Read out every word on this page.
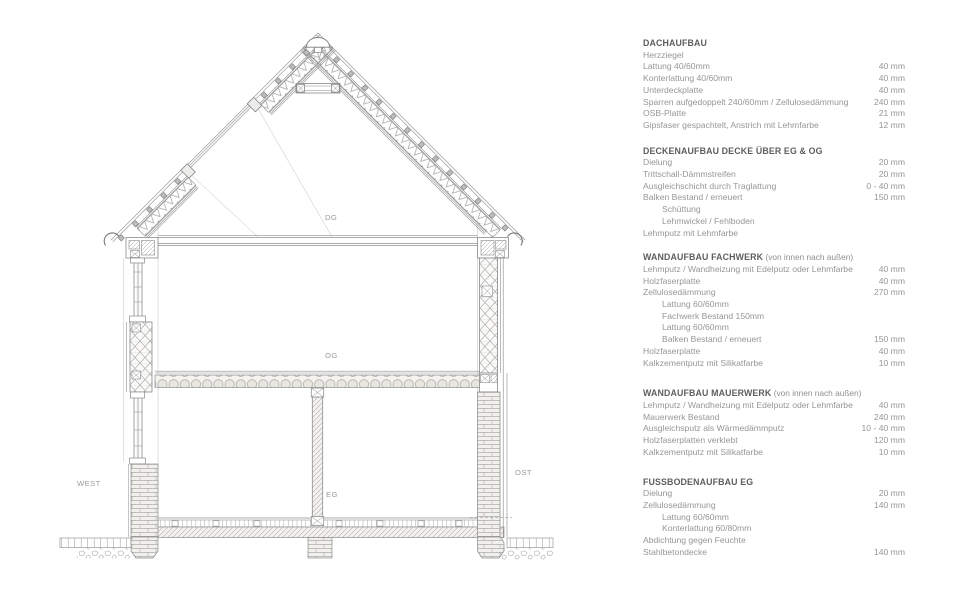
DG
OG
EG
WEST
OST
DACHAUFBAU
Herzziegel
Lattung 40/60mm	40 mm
Konterlattung 40/60mm	40 mm
Unterdeckplatte	40 mm
Sparren aufgedoppelt 240/60mm / Zellulosedämmung	240 mm
OSB-Platte	21 mm
Gipsfaser gespachtelt, Anstrich mit Lehmfarbe	12 mm
DECKENAUFBAU DECKE ÜBER EG & OG
Dielung	20 mm
Trittschall-Dämmstreifen	20 mm
Ausgleichschicht durch Traglattung	0 - 40 mm
Balken Bestand / erneuert	150 mm
Schüttung
Lehmwickel / Fehlboden
Lehmputz mit Lehmfarbe
WANDAUFBAU FACHWERK (von innen nach außen)
Lehmputz / Wandheizung mit Edelputz oder Lehmfarbe	40 mm
Holzfaserplatte	40 mm
Zellulosedämmung	270 mm
Lattung 60/60mm
Fachwerk Bestand 150mm
Lattung 60/60mm
Balken Bestand / erneuert	150 mm
Holzfaserplatte	40 mm
Kalkzementputz mit Silikatfarbe	10 mm
WANDAUFBAU MAUERWERK (von innen nach außen)
Lehmputz / Wandheizung mit Edelputz oder Lehmfarbe	40 mm
Mauerwerk Bestand	240 mm
Ausgleichsputz als Wärmedämmputz	10 - 40 mm
Holzfaserplatten verklebt	120 mm
Kalkzementputz mit Silikatfarbe	10 mm
FUSSBODENAUFBAU EG
Dielung	20 mm
Zellulosedämmung	140 mm
Lattung 60/60mm
Konterlattung 60/80mm
Abdichtung gegen Feuchte
Stahlbetondecke	140 mm
